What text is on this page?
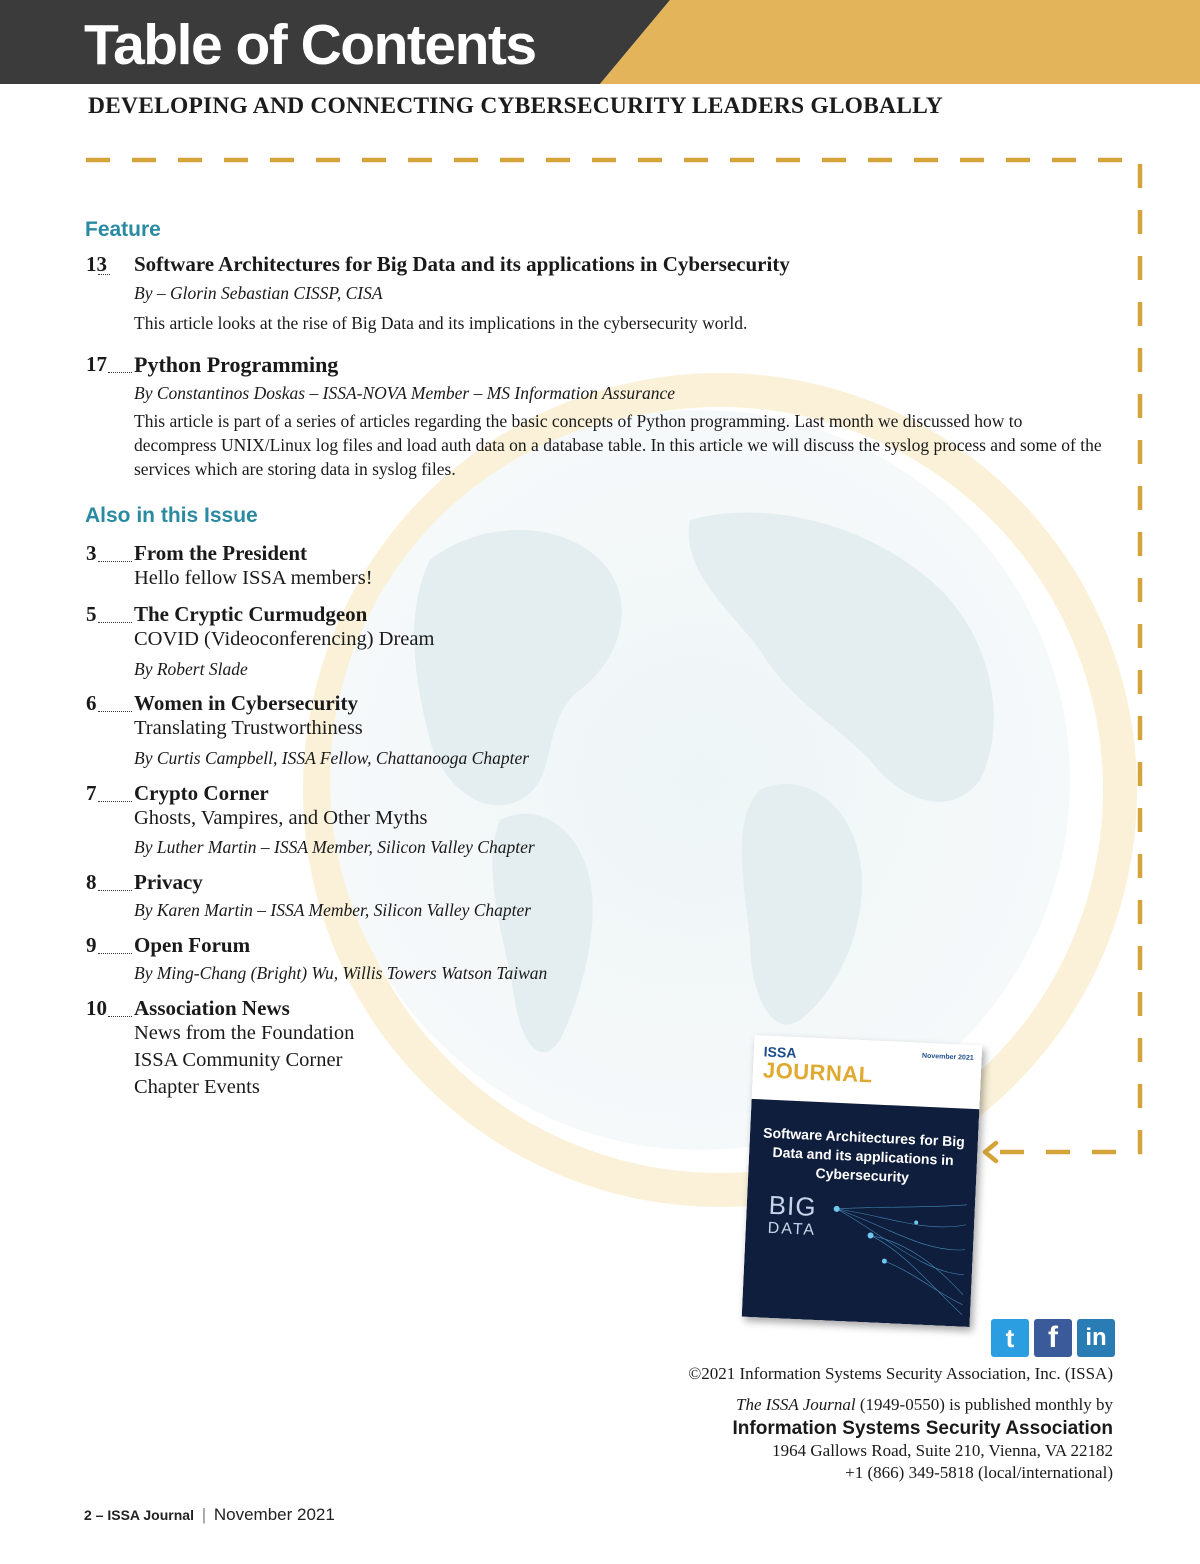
Table of Contents
DEVELOPING AND CONNECTING CYBERSECURITY LEADERS GLOBALLY
Feature
13 Software Architectures for Big Data and its applications in Cybersecurity
By – Glorin Sebastian CISSP, CISA
This article looks at the rise of Big Data and its implications in the cybersecurity world.
17 Python Programming
By Constantinos Doskas – ISSA-NOVA Member – MS Information Assurance
This article is part of a series of articles regarding the basic concepts of Python programming. Last month we discussed how to decompress UNIX/Linux log files and load auth data on a database table. In this article we will discuss the syslog process and some of the services which are storing data in syslog files.
Also in this Issue
3 From the President
Hello fellow ISSA members!
5 The Cryptic Curmudgeon
COVID (Videoconferencing) Dream
By Robert Slade
6 Women in Cybersecurity
Translating Trustworthiness
By Curtis Campbell, ISSA Fellow, Chattanooga Chapter
7 Crypto Corner
Ghosts, Vampires, and Other Myths
By Luther Martin – ISSA Member, Silicon Valley Chapter
8 Privacy
By Karen Martin – ISSA Member, Silicon Valley Chapter
9 Open Forum
By Ming-Chang (Bright) Wu, Willis Towers Watson Taiwan
10 Association News
News from the Foundation
ISSA Community Corner
Chapter Events
ISSA
JOURNAL
November 2021
Software Architectures for Big Data and its applications in Cybersecurity
BIG
DATA
t	f	in
©2021 Information Systems Security Association, Inc. (ISSA)
The ISSA Journal (1949-0550) is published monthly by
Information Systems Security Association
1964 Gallows Road, Suite 210, Vienna, VA 22182
+1 (866) 349-5818 (local/international)
2 – ISSA Journal | November 2021
